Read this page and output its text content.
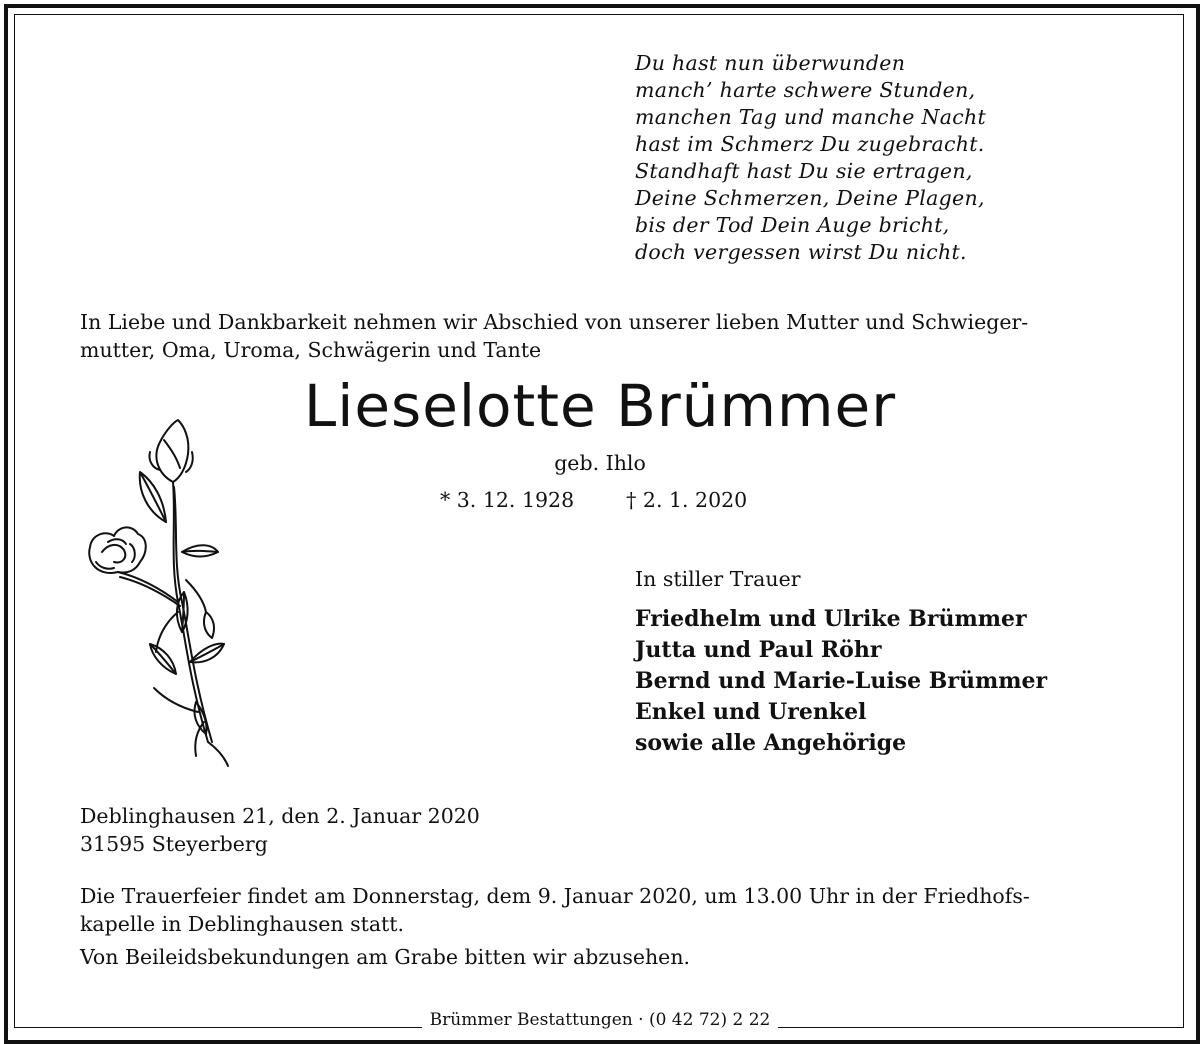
Du hast nun überwunden
manch’ harte schwere Stunden,
manchen Tag und manche Nacht
hast im Schmerz Du zugebracht.
Standhaft hast Du sie ertragen,
Deine Schmerzen, Deine Plagen,
bis der Tod Dein Auge bricht,
doch vergessen wirst Du nicht.
In Liebe und Dankbarkeit nehmen wir Abschied von unserer lieben Mutter und Schwieger-
mutter, Oma, Uroma, Schwägerin und Tante
Lieselotte Brümmer
geb. Ihlo
* 3. 12. 1928	† 2. 1. 2020
In stiller Trauer
Friedhelm und Ulrike Brümmer
Jutta und Paul Röhr
Bernd und Marie-Luise Brümmer
Enkel und Urenkel
sowie alle Angehörige
Deblinghausen 21, den 2. Januar 2020
31595 Steyerberg
Die Trauerfeier findet am Donnerstag, dem 9. Januar 2020, um 13.00 Uhr in der Friedhofs-
kapelle in Deblinghausen statt.
Von Beileidsbekundungen am Grabe bitten wir abzusehen.
Brümmer Bestattungen · (0 42 72) 2 22
